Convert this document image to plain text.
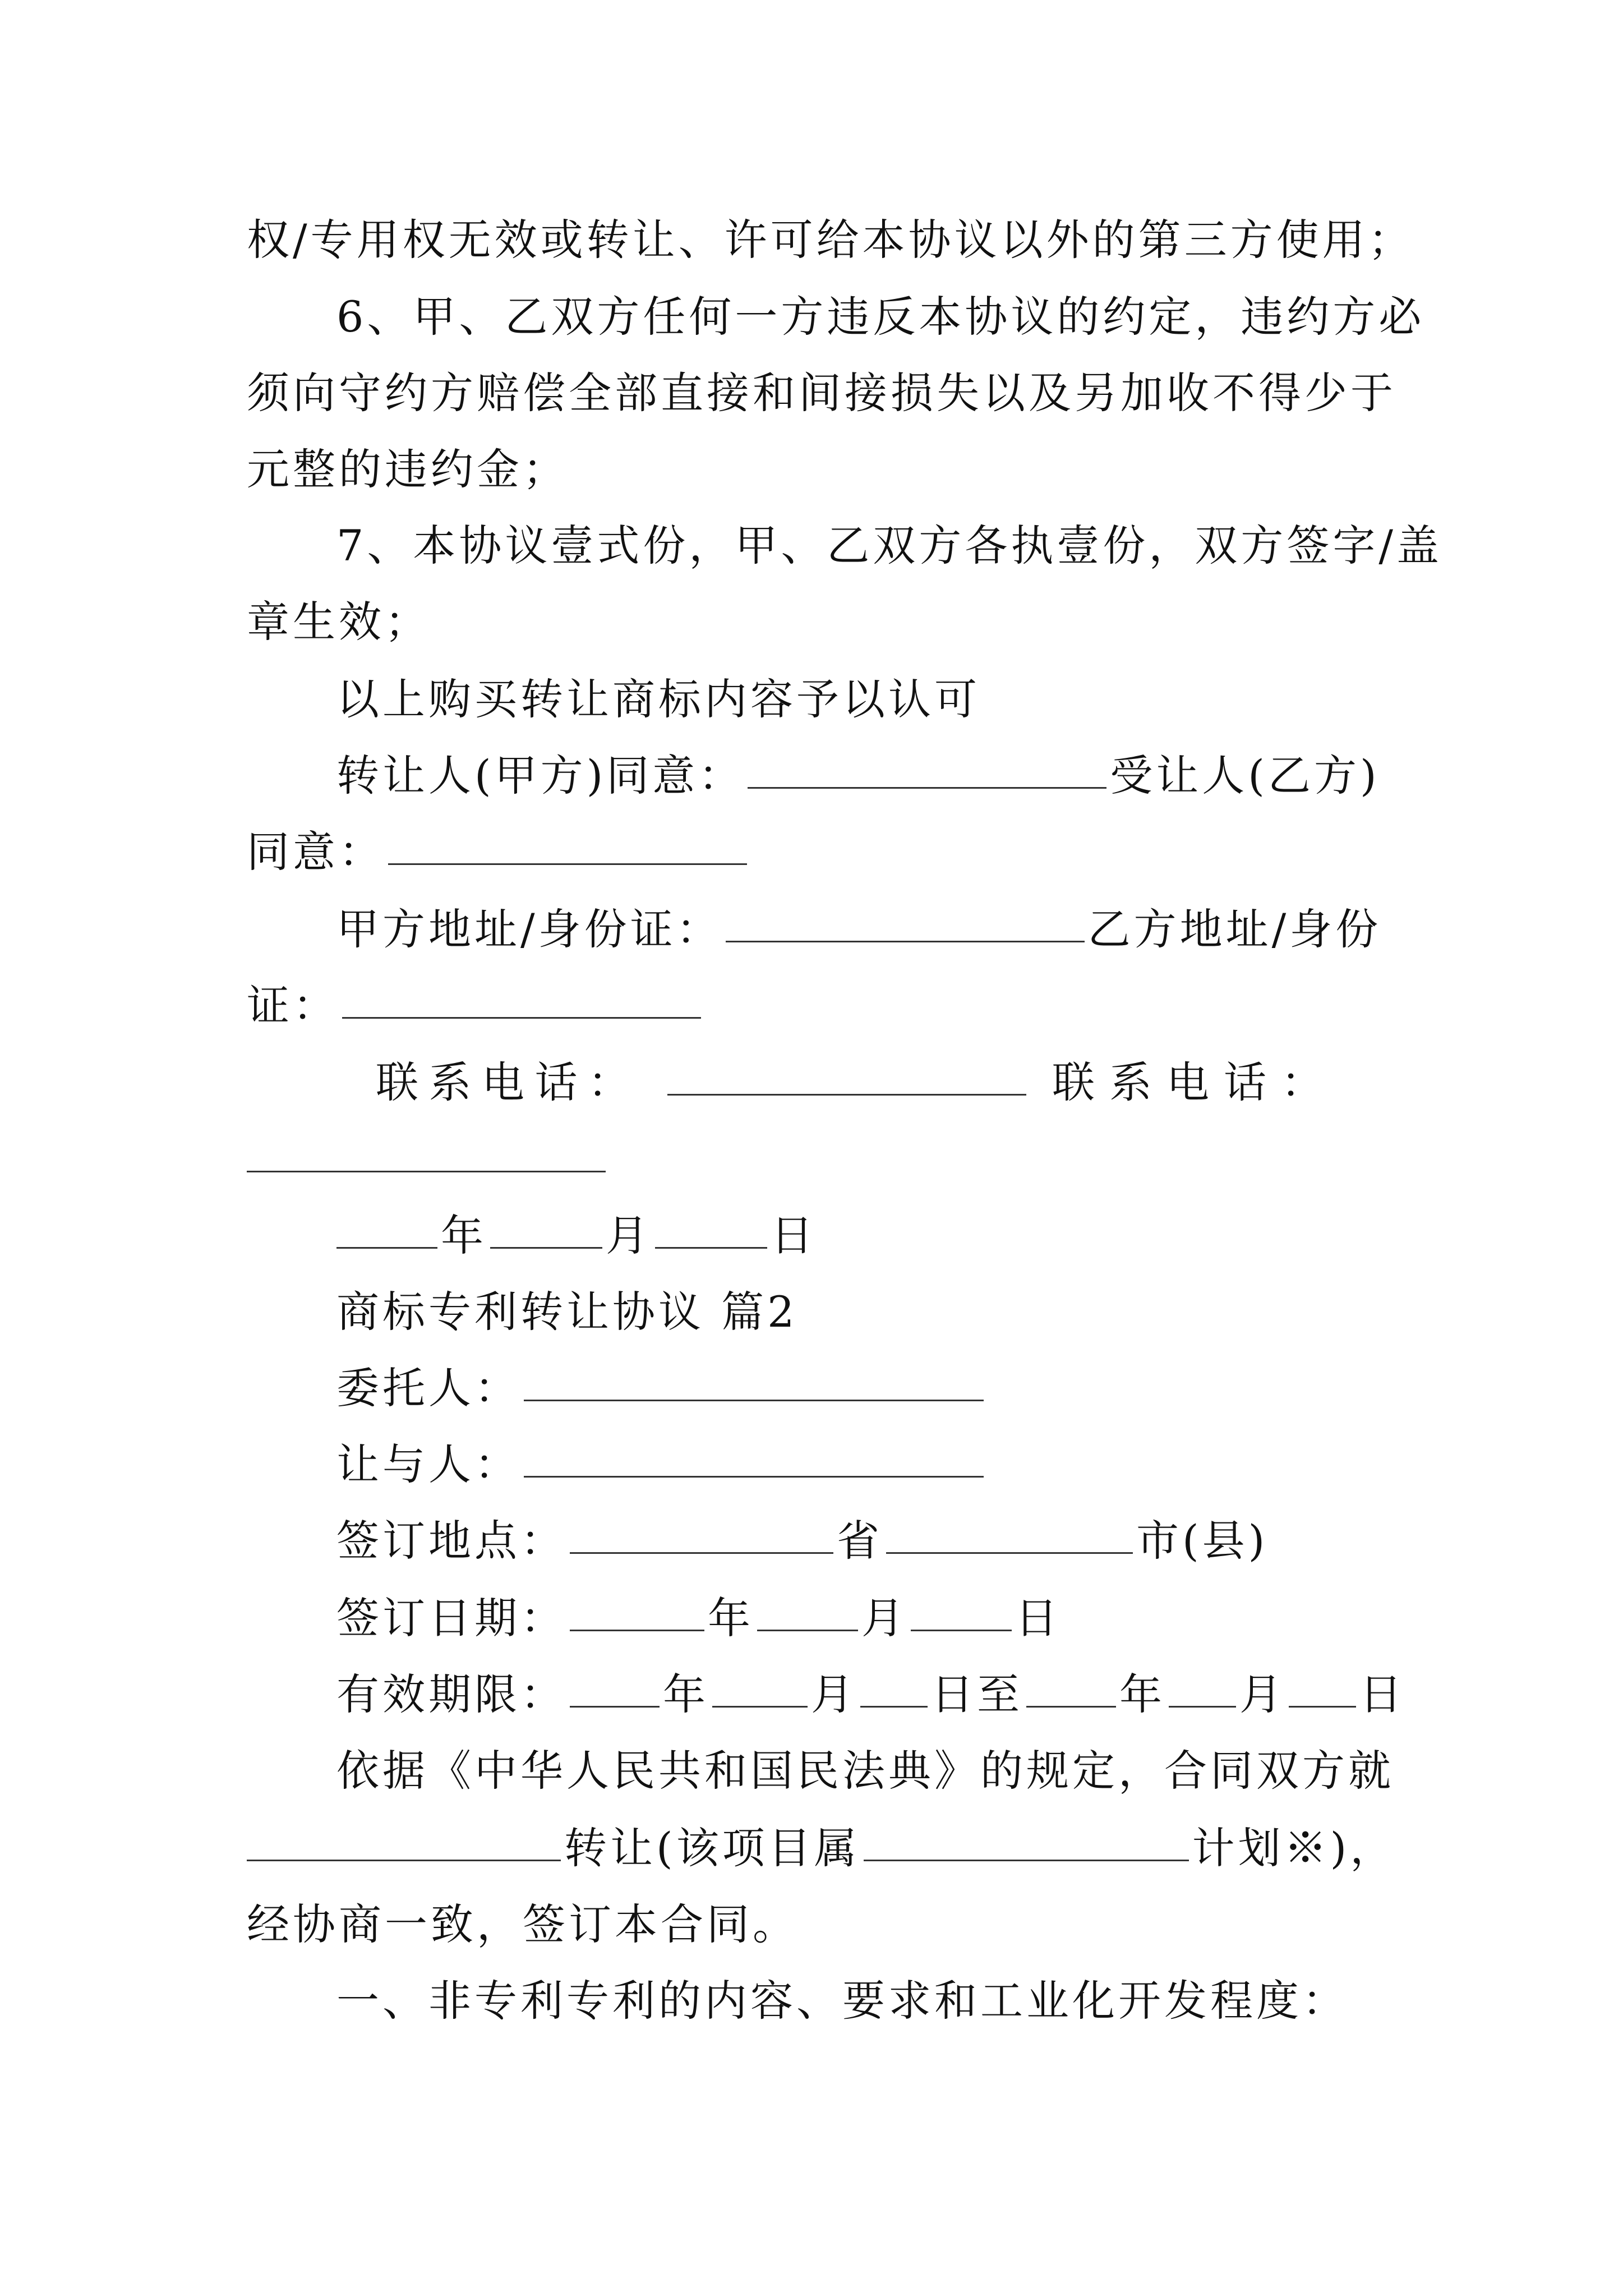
权/专用权无效或转让、许可给本协议以外的第三方使用；
6、甲、乙双方任何一方违反本协议的约定，违约方必
须向守约方赔偿全部直接和间接损失以及另加收不得少于
元整的违约金；
7、本协议壹式份，甲、乙双方各执壹份，双方签字/盖
章生效；
以上购买转让商标内容予以认可
转让人(甲方)同意：	受让人(乙方)
同意：
甲方地址/身份证：	乙方地址/身份
证：
联 系 电 话 ：	联 系 电 话 ：
年	月	日
商标专利转让协议 篇2
委托人：
让与人：
签订地点：	省	市(县)
签订日期：	年	月	日
有效期限： 年 月 日至 年 月 日
依据《中华人民共和国民法典》的规定，合同双方就
转让(该项目属	计划※)，
经协商一致，签订本合同。
一、非专利专利的内容、要求和工业化开发程度：
